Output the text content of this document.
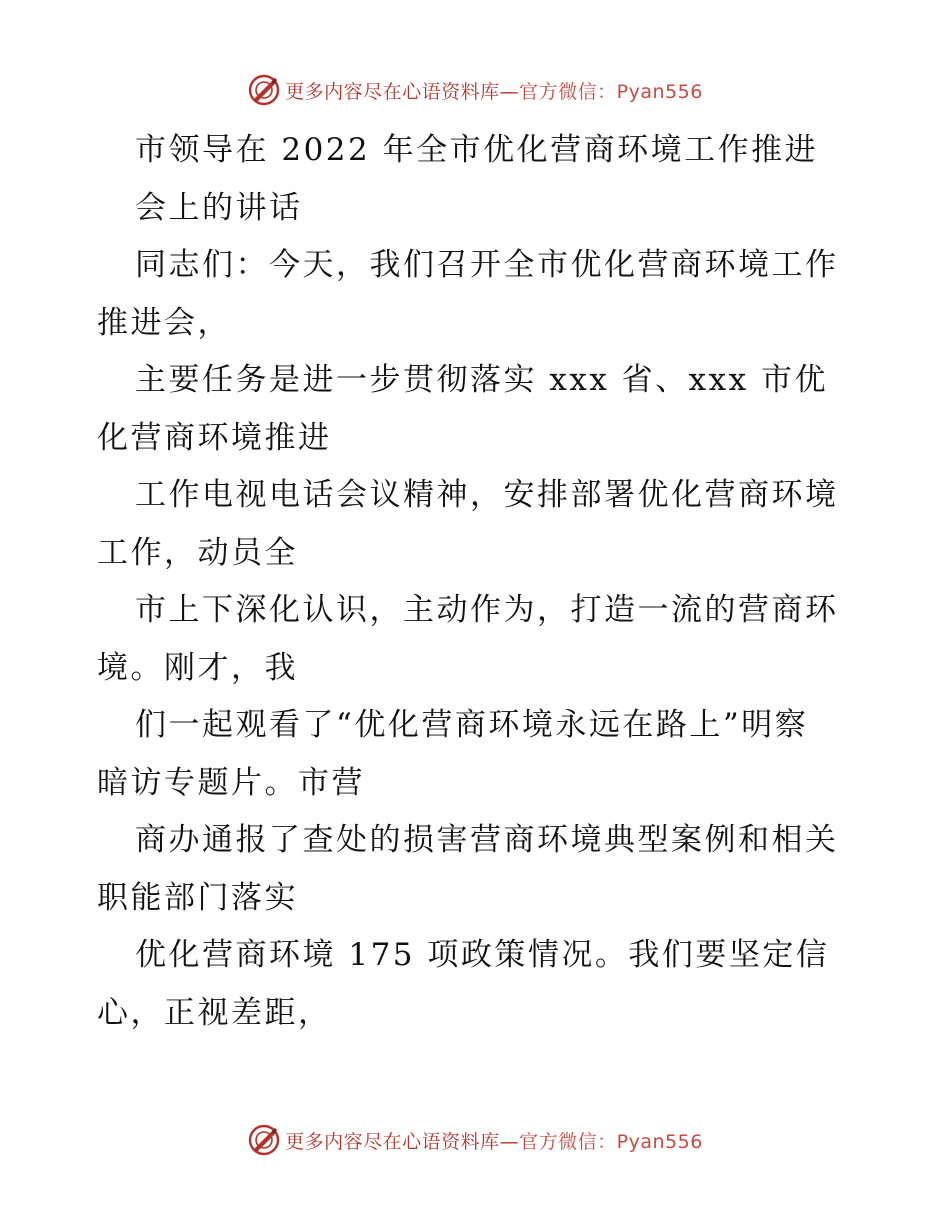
更多内容尽在心语资料库—官方微信：Pyan556
市领导在 2022 年全市优化营商环境工作推进
会上的讲话
同志们：今天，我们召开全市优化营商环境工作
推进会，
主要任务是进一步贯彻落实 xxx 省、xxx 市优
化营商环境推进
工作电视电话会议精神，安排部署优化营商环境
工作，动员全
市上下深化认识，主动作为，打造一流的营商环
境。刚才，我
们一起观看了“优化营商环境永远在路上”明察
暗访专题片。市营
商办通报了查处的损害营商环境典型案例和相关
职能部门落实
优化营商环境 175 项政策情况。我们要坚定信
心，正视差距，
更多内容尽在心语资料库—官方微信：Pyan556
